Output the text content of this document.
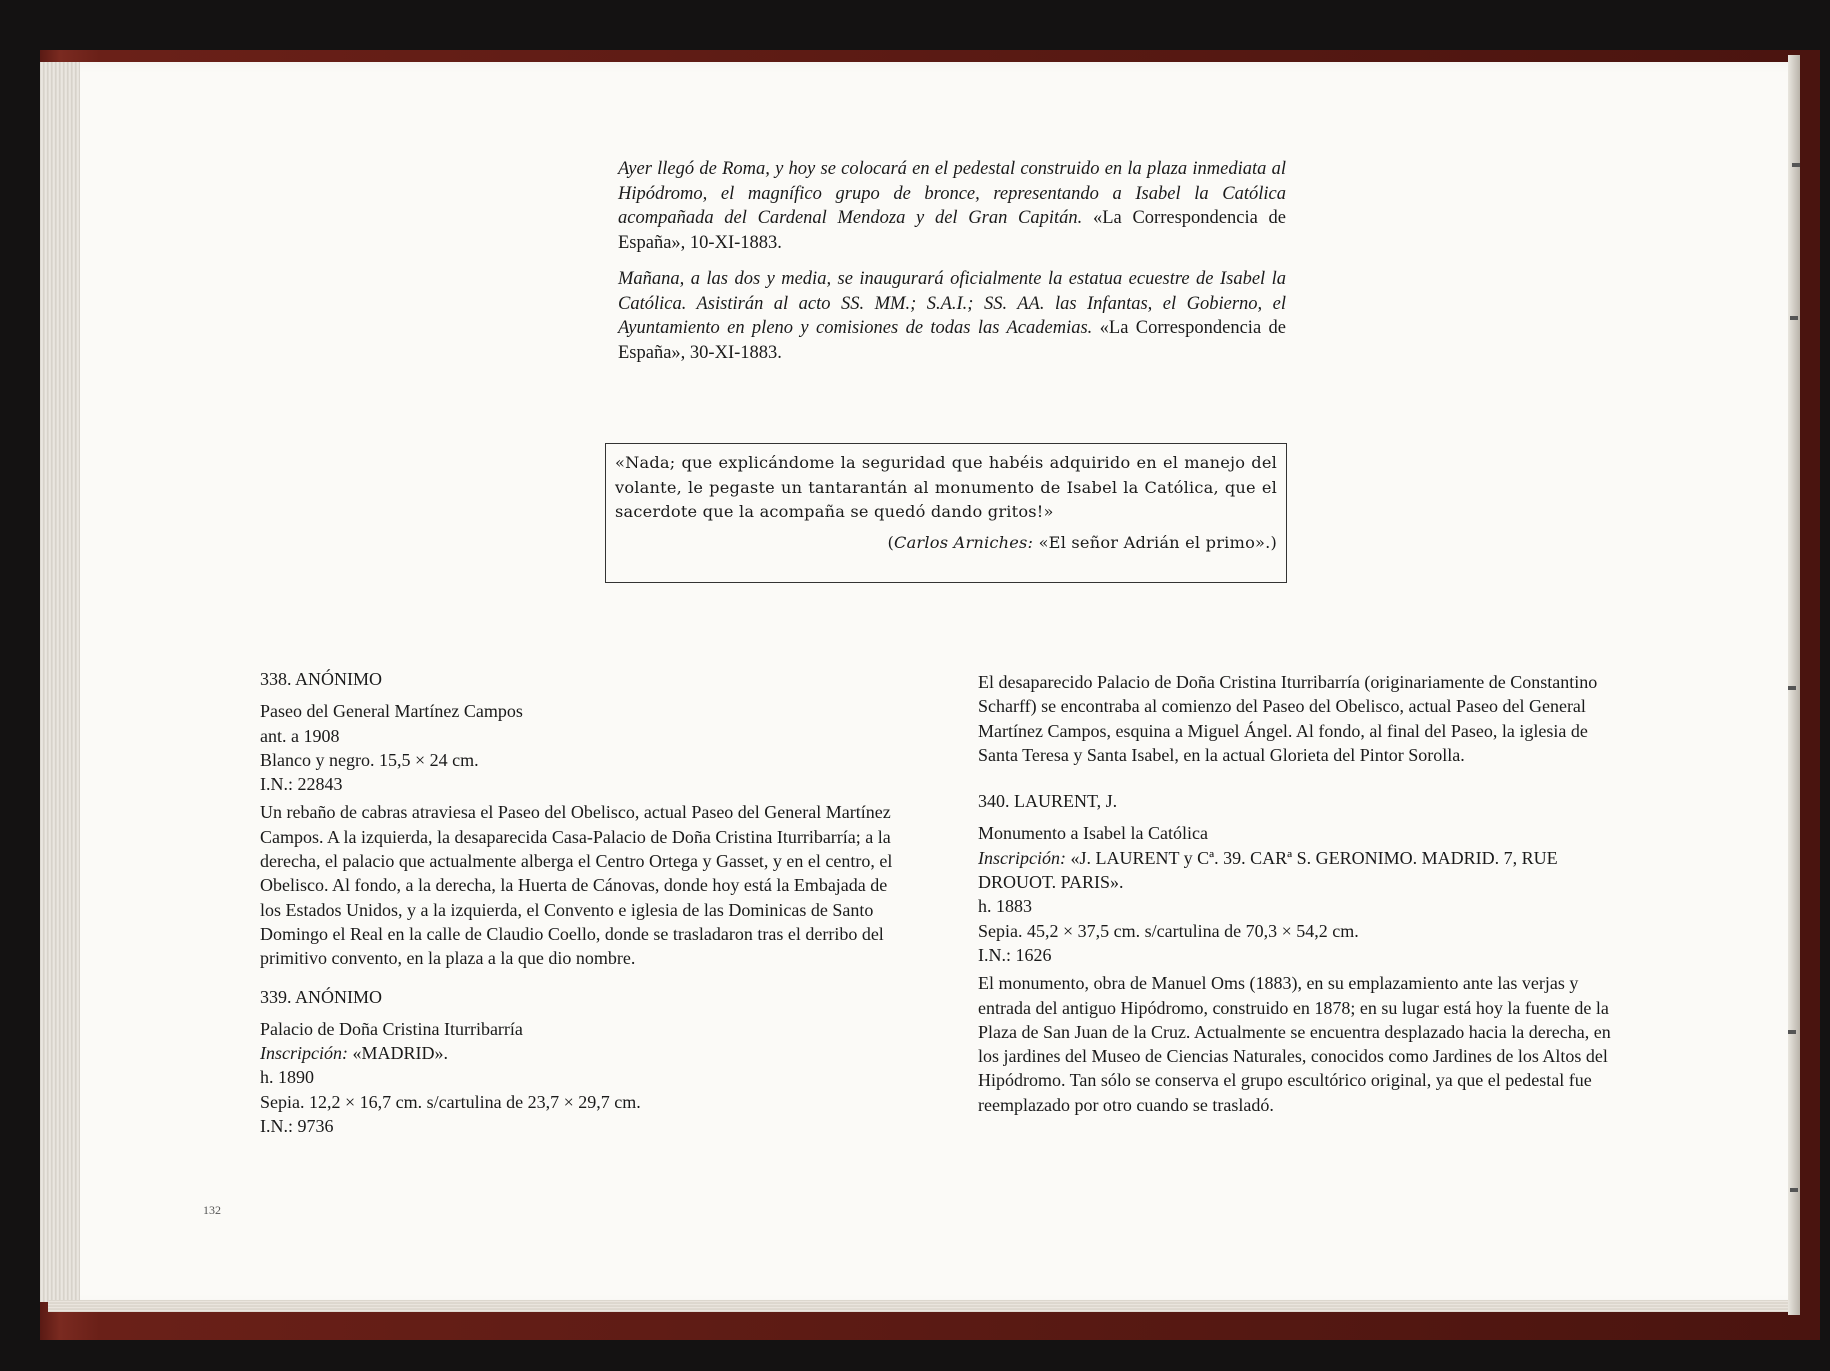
Ayer llegó de Roma, y hoy se colocará en el pedestal construido en la plaza inmediata al Hipódromo, el magnífico grupo de bronce, representando a Isabel la Católica acompañada del Cardenal Mendoza y del Gran Capitán. «La Correspondencia de España», 10-XI-1883.

Mañana, a las dos y media, se inaugurará oficialmente la estatua ecuestre de Isabel la Católica. Asistirán al acto SS. MM.; S.A.I.; SS. AA. las Infantas, el Gobierno, el Ayuntamiento en pleno y comisiones de todas las Academias. «La Correspondencia de España», 30-XI-1883.

«Nada; que explicándome la seguridad que habéis adquirido en el manejo del volante, le pegaste un tantarantán al monumento de Isabel la Católica, que el sacerdote que la acompaña se quedó dando gritos!»

(Carlos Arniches: «El señor Adrián el primo».)

338. ANÓNIMO

Paseo del General Martínez Campos

ant. a 1908

Blanco y negro. 15,5 × 24 cm.

I.N.: 22843

Un rebaño de cabras atraviesa el Paseo del Obelisco, actual Paseo del General Martínez Campos. A la izquierda, la desaparecida Casa-Palacio de Doña Cristina Iturribarría; a la derecha, el palacio que actualmente alberga el Centro Ortega y Gasset, y en el centro, el Obelisco. Al fondo, a la derecha, la Huerta de Cánovas, donde hoy está la Embajada de los Estados Unidos, y a la izquierda, el Convento e iglesia de las Dominicas de Santo Domingo el Real en la calle de Claudio Coello, donde se trasladaron tras el derribo del primitivo convento, en la plaza a la que dio nombre.

339. ANÓNIMO

Palacio de Doña Cristina Iturribarría

Inscripción: «MADRID».

h. 1890

Sepia. 12,2 × 16,7 cm. s/cartulina de 23,7 × 29,7 cm.

I.N.: 9736

El desaparecido Palacio de Doña Cristina Iturribarría (originariamente de Constantino Scharff) se encontraba al comienzo del Paseo del Obelisco, actual Paseo del General Martínez Campos, esquina a Miguel Ángel. Al fondo, al final del Paseo, la iglesia de Santa Teresa y Santa Isabel, en la actual Glorieta del Pintor Sorolla.

340. LAURENT, J.

Monumento a Isabel la Católica

Inscripción: «J. LAURENT y Cª. 39. CARª S. GERONIMO. MADRID. 7, RUE DROUOT. PARIS».

h. 1883

Sepia. 45,2 × 37,5 cm. s/cartulina de 70,3 × 54,2 cm.

I.N.: 1626

El monumento, obra de Manuel Oms (1883), en su emplazamiento ante las verjas y entrada del antiguo Hipódromo, construido en 1878; en su lugar está hoy la fuente de la Plaza de San Juan de la Cruz. Actualmente se encuentra desplazado hacia la derecha, en los jardines del Museo de Ciencias Naturales, conocidos como Jardines de los Altos del Hipódromo. Tan sólo se conserva el grupo escultórico original, ya que el pedestal fue reemplazado por otro cuando se trasladó.

132
